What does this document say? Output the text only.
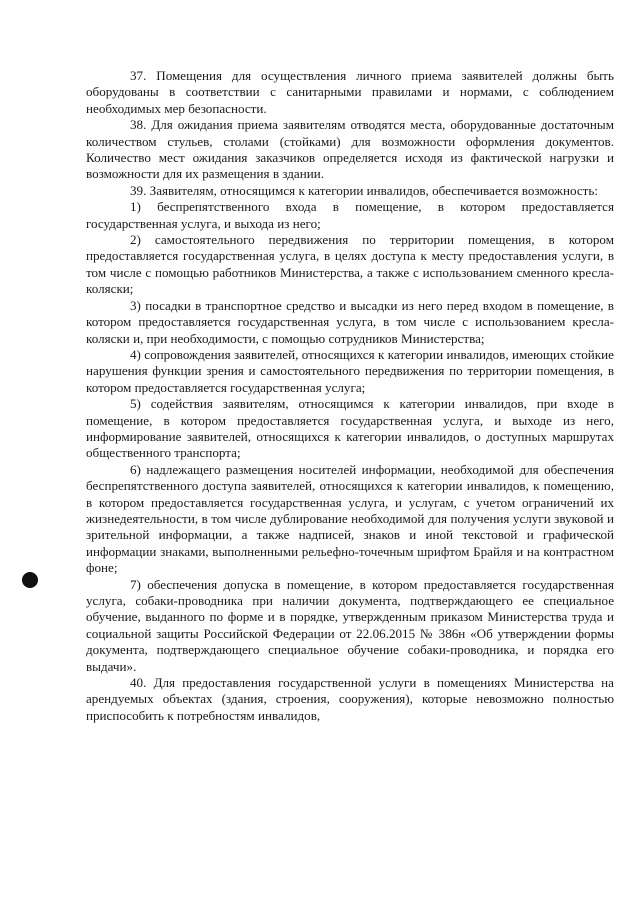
37. Помещения для осуществления личного приема заявителей должны быть оборудованы в соответствии с санитарными правилами и нормами, с соблюдением необходимых мер безопасности.

38. Для ожидания приема заявителям отводятся места, оборудованные достаточным количеством стульев, столами (стойками) для возможности оформления документов. Количество мест ожидания заказчиков определяется исходя из фактической нагрузки и возможности для их размещения в здании.

39. Заявителям, относящимся к категории инвалидов, обеспечивается возможность:

1) беспрепятственного входа в помещение, в котором предоставляется государственная услуга, и выхода из него;

2) самостоятельного передвижения по территории помещения, в котором предоставляется государственная услуга, в целях доступа к месту предоставления услуги, в том числе с помощью работников Министерства, а также с использованием сменного кресла-коляски;

3) посадки в транспортное средство и высадки из него перед входом в помещение, в котором предоставляется государственная услуга, в том числе с использованием кресла-коляски и, при необходимости, с помощью сотрудников Министерства;

4) сопровождения заявителей, относящихся к категории инвалидов, имеющих стойкие нарушения функции зрения и самостоятельного передвижения по территории помещения, в котором предоставляется государственная услуга;

5) содействия заявителям, относящимся к категории инвалидов, при входе в помещение, в котором предоставляется государственная услуга, и выходе из него, информирование заявителей, относящихся к категории инвалидов, о доступных маршрутах общественного транспорта;

6) надлежащего размещения носителей информации, необходимой для обеспечения беспрепятственного доступа заявителей, относящихся к категории инвалидов, к помещению, в котором предоставляется государственная услуга, и услугам, с учетом ограничений их жизнедеятельности, в том числе дублирование необходимой для получения услуги звуковой и зрительной информации, а также надписей, знаков и иной текстовой и графической информации знаками, выполненными рельефно-точечным шрифтом Брайля и на контрастном фоне;

7) обеспечения допуска в помещение, в котором предоставляется государственная услуга, собаки-проводника при наличии документа, подтверждающего ее специальное обучение, выданного по форме и в порядке, утвержденным приказом Министерства труда и социальной защиты Российской Федерации от 22.06.2015 № 386н «Об утверждении формы документа, подтверждающего специальное обучение собаки-проводника, и порядка его выдачи».

40. Для предоставления государственной услуги в помещениях Министерства на арендуемых объектах (здания, строения, сооружения), которые невозможно полностью приспособить к потребностям инвалидов,
